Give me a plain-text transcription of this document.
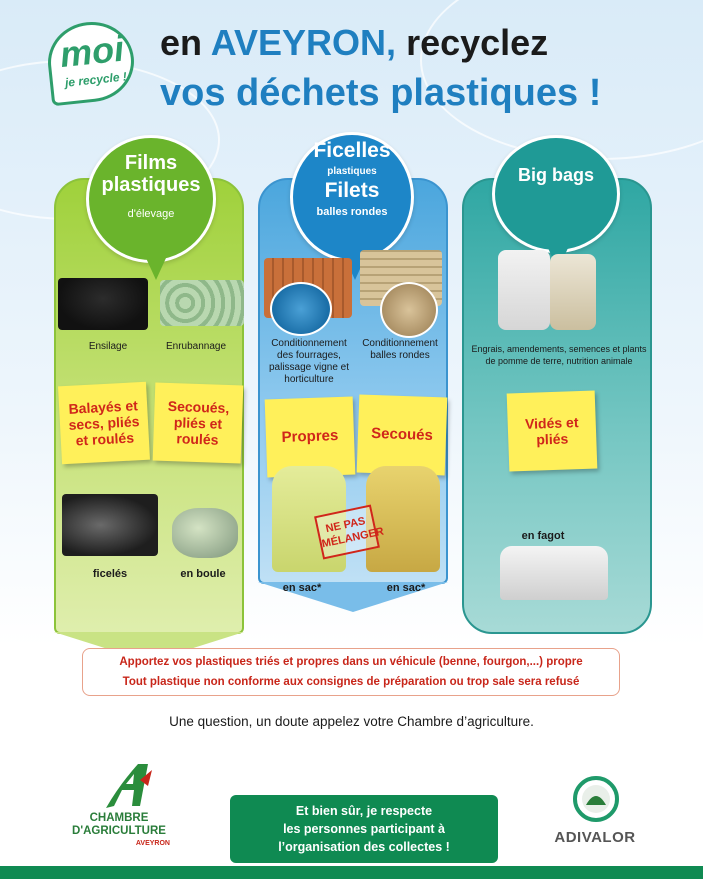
moi
je recycle !
en AVEYRON, recyclez
vos déchets plastiques !
Films plastiques
d'élevage
Ficelles
plastiques
Filets
balles rondes
Big bags
Ensilage	Enrubannage
Balayés et secs, pliés et roulés
Secoués, pliés et roulés
ficelés	en boule
Conditionnement des fourrages, palissage vigne et horticulture
Conditionnement balles rondes
Propres	Secoués
NE PAS MÉLANGER
en sac*	en sac*
Engrais, amendements, semences et plants de pomme de terre, nutrition animale
Vidés et pliés
en fagot
Apportez vos plastiques triés et propres dans un véhicule (benne, fourgon,...) propre
Tout plastique non conforme aux consignes de préparation ou trop sale sera refusé
Une question, un doute appelez votre Chambre d’agriculture.
CHAMBRE
D'AGRICULTURE
AVEYRON
Et bien sûr, je respecte
les personnes participant à
l’organisation des collectes !
ADIVALOR
